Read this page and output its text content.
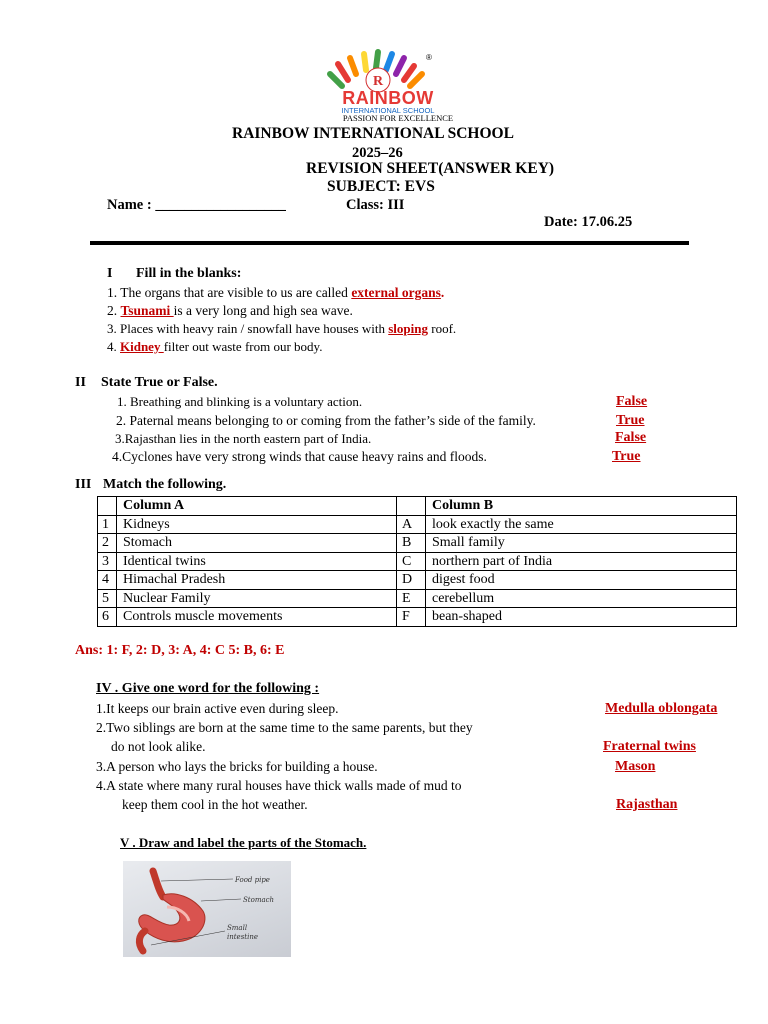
R
®
RAINBOW
INTERNATIONAL SCHOOL
PASSION FOR EXCELLENCE
RAINBOW INTERNATIONAL SCHOOL
2025–26
REVISION SHEET(ANSWER KEY)
SUBJECT: EVS
Name : __________________	Class: III
Date: 17.06.25
I Fill in the blanks:
1. The organs that are visible to us are called external organs.
2. Tsunami is a very long and high sea wave.
3. Places with heavy rain / snowfall have houses with sloping roof.
4. Kidney filter out waste from our body.
II State True or False.
1. Breathing and blinking is a voluntary action.	False
2. Paternal means belonging to or coming from the father’s side of the family.	True
3.Rajasthan lies in the north eastern part of India.	False
4.Cyclones have very strong winds that cause heavy rains and floods.	True
III Match the following.
	Column A		Column B
1	Kidneys	A	look exactly the same
2	Stomach	B	Small family
3	Identical twins	C	northern part of India
4	Himachal Pradesh	D	digest food
5	Nuclear Family	E	cerebellum
6	Controls muscle movements	F	bean-shaped
Ans: 1: F, 2: D, 3: A, 4: C 5: B, 6: E
IV . Give one word for the following :
1.It keeps our brain active even during sleep.	Medulla oblongata
2.Two siblings are born at the same time to the same parents, but they
do not look alike.	Fraternal twins
3.A person who lays the bricks for building a house.	Mason
4.A state where many rural houses have thick walls made of mud to
keep them cool in the hot weather.	Rajasthan
V . Draw and label the parts of the Stomach.
Food pipe
Stomach
Small
intestine
